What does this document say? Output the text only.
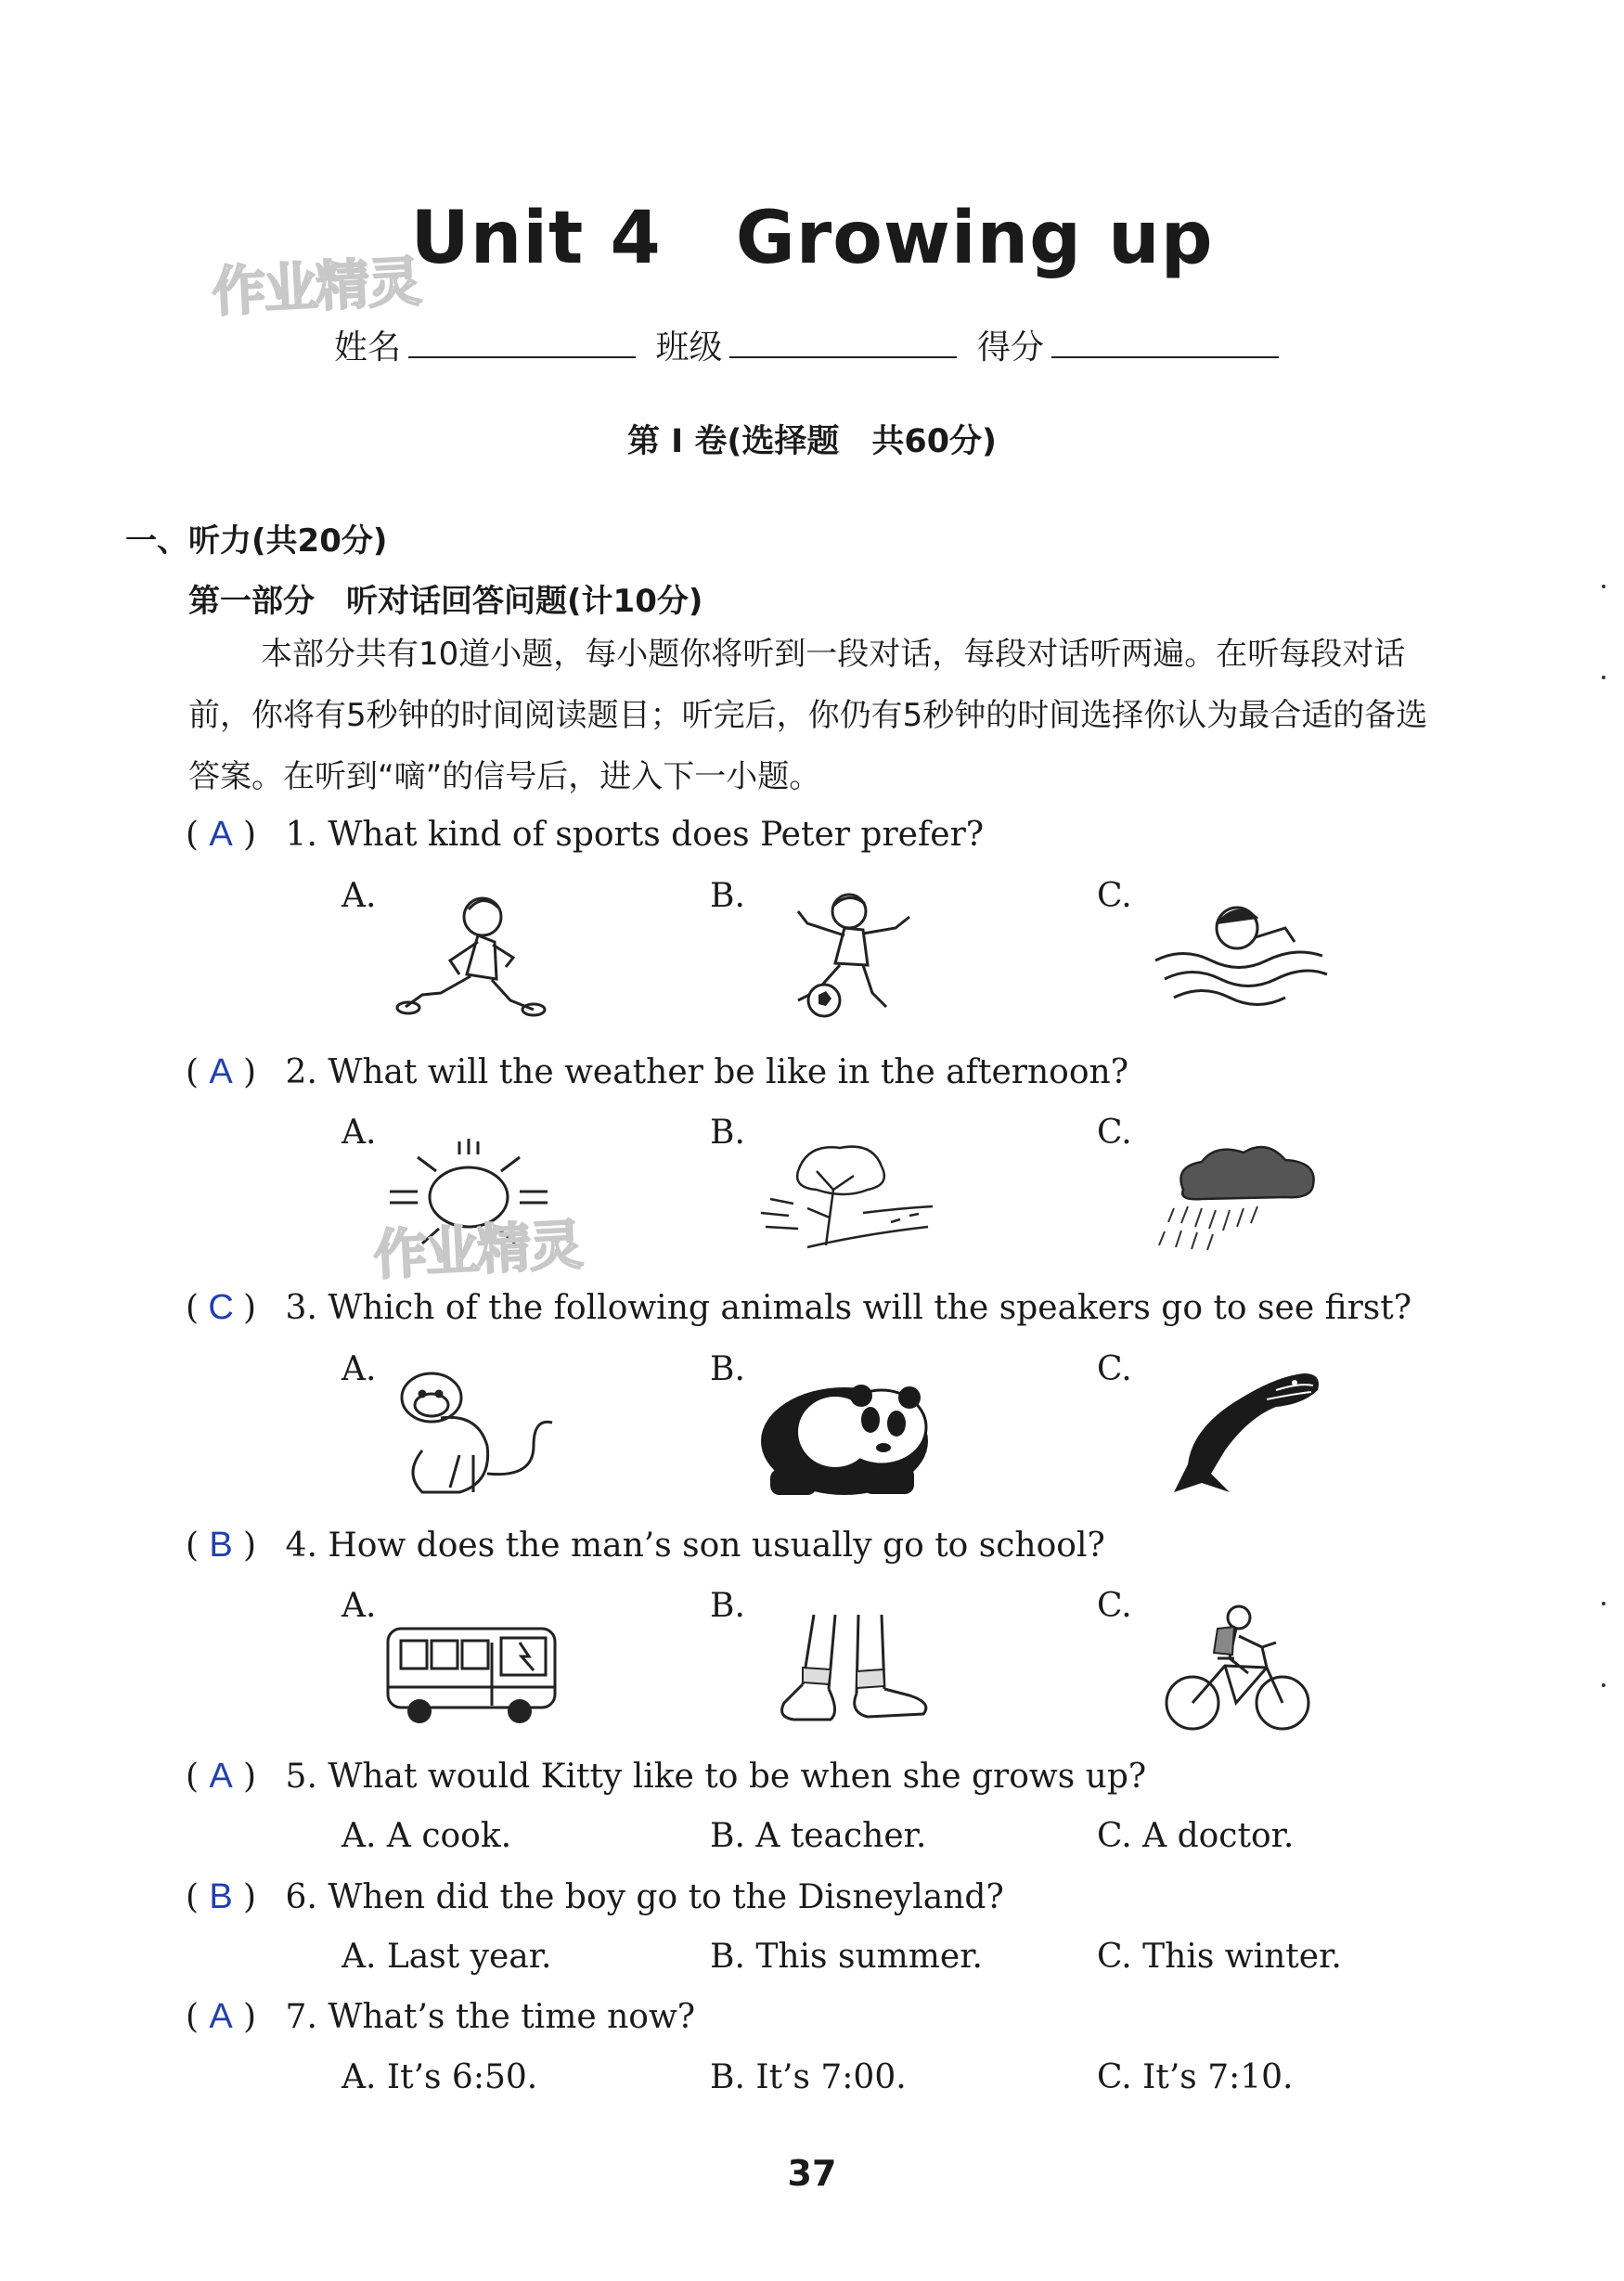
作业精灵
Unit 4 Growing up
姓名	班级	得分
第 I 卷(选择题　共60分)
一、听力(共20分)
第一部分　听对话回答问题(计10分)
本部分共有10道小题，每小题你将听到一段对话，每段对话听两遍。在听每段对话前，你将有5秒钟的时间阅读题目；听完后，你仍有5秒钟的时间选择你认为最合适的备选答案。在听到“嘀”的信号后，进入下一小题。
( A ) 1. What kind of sports does Peter prefer?
A.	B.	C.
( A ) 2. What will the weather be like in the afternoon?
A.	B.	C.
作业精灵
( C ) 3. Which of the following animals will the speakers go to see first?
A.	B.	C.
( B ) 4. How does the man’s son usually go to school?
A.	B.	C.
( A ) 5. What would Kitty like to be when she grows up?
A. A cook.	B. A teacher.	C. A doctor.
( B ) 6. When did the boy go to the Disneyland?
A. Last year.	B. This summer.	C. This winter.
( A ) 7. What’s the time now?
A. It’s 6:50.	B. It’s 7:00.	C. It’s 7:10.
37
